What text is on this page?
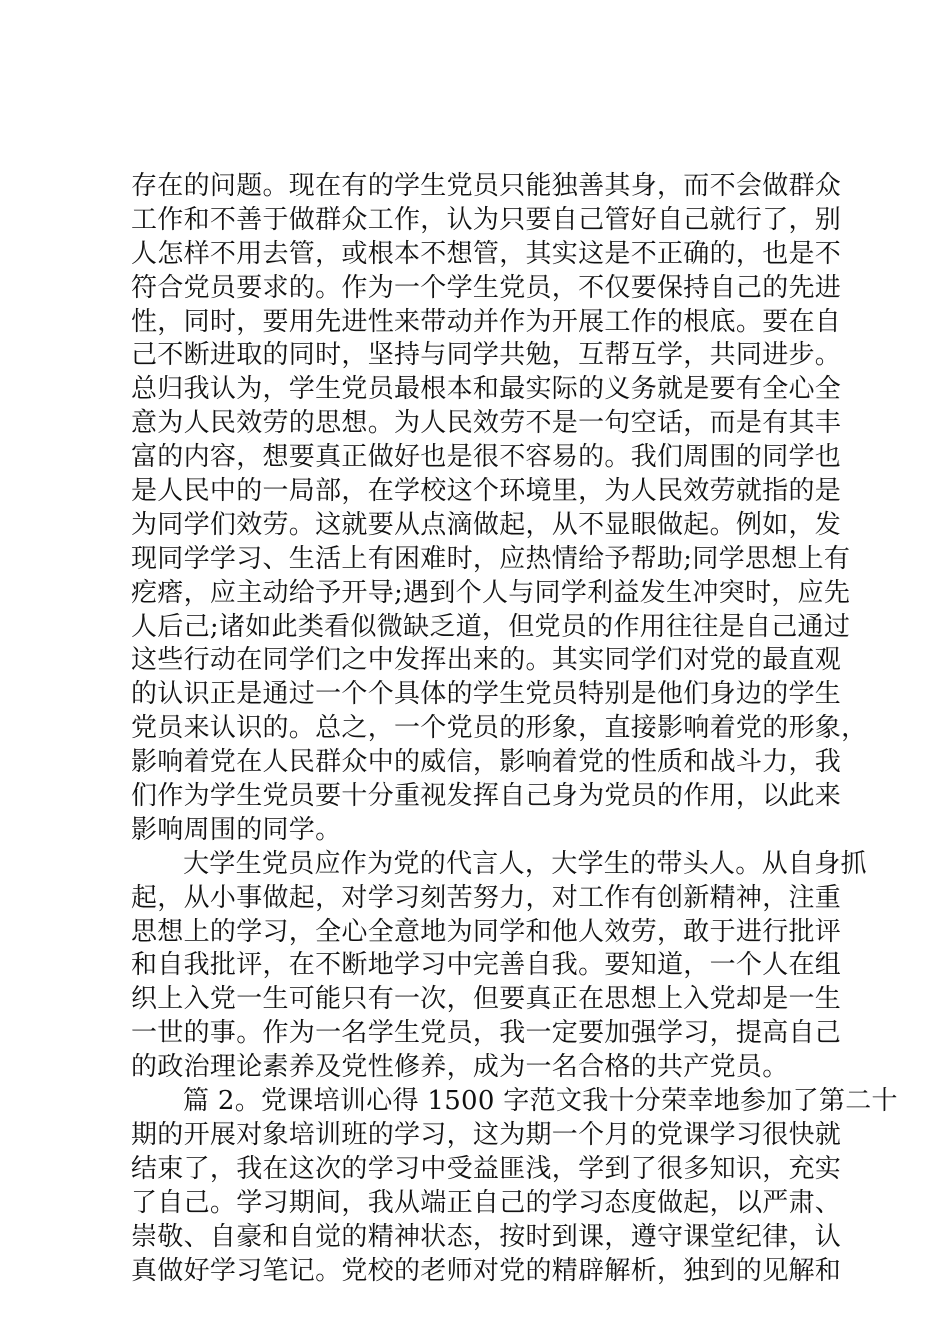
存在的问题。现在有的学生党员只能独善其身，而不会做群众
工作和不善于做群众工作，认为只要自己管好自己就行了，别
人怎样不用去管，或根本不想管，其实这是不正确的，也是不
符合党员要求的。作为一个学生党员，不仅要保持自己的先进
性，同时，要用先进性来带动并作为开展工作的根底。要在自
己不断进取的同时，坚持与同学共勉，互帮互学，共同进步。
总归我认为，学生党员最根本和最实际的义务就是要有全心全
意为人民效劳的思想。为人民效劳不是一句空话，而是有其丰
富的内容，想要真正做好也是很不容易的。我们周围的同学也
是人民中的一局部，在学校这个环境里，为人民效劳就指的是
为同学们效劳。这就要从点滴做起，从不显眼做起。例如，发
现同学学习、生活上有困难时，应热情给予帮助;同学思想上有
疙瘩，应主动给予开导;遇到个人与同学利益发生冲突时，应先
人后己;诸如此类看似微缺乏道，但党员的作用往往是自己通过
这些行动在同学们之中发挥出来的。其实同学们对党的最直观
的认识正是通过一个个具体的学生党员特别是他们身边的学生
党员来认识的。总之，一个党员的形象，直接影响着党的形象，
影响着党在人民群众中的威信，影响着党的性质和战斗力，我
们作为学生党员要十分重视发挥自己身为党员的作用，以此来
影响周围的同学。
大学生党员应作为党的代言人，大学生的带头人。从自身抓
起，从小事做起，对学习刻苦努力，对工作有创新精神，注重
思想上的学习，全心全意地为同学和他人效劳，敢于进行批评
和自我批评，在不断地学习中完善自我。要知道，一个人在组
织上入党一生可能只有一次，但要真正在思想上入党却是一生
一世的事。作为一名学生党员，我一定要加强学习，提高自己
的政治理论素养及党性修养，成为一名合格的共产党员。
篇 2。党课培训心得 1500 字范文我十分荣幸地参加了第二十
期的开展对象培训班的学习，这为期一个月的党课学习很快就
结束了，我在这次的学习中受益匪浅，学到了很多知识，充实
了自己。学习期间，我从端正自己的学习态度做起，以严肃、
崇敬、自豪和自觉的精神状态，按时到课，遵守课堂纪律，认
真做好学习笔记。党校的老师对党的精辟解析，独到的见解和
